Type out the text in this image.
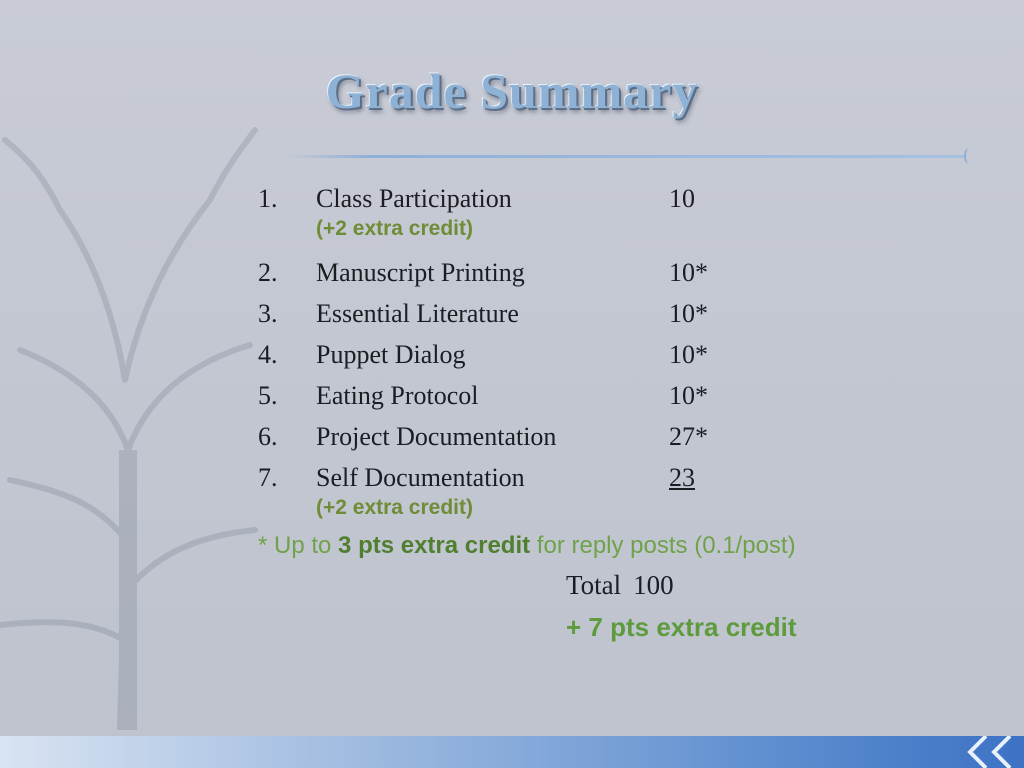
Grade Summary
1. Class Participation	10
(+2 extra credit)
2. Manuscript Printing	10*
3. Essential Literature	10*
4. Puppet Dialog	10*
5. Eating Protocol	10*
6. Project Documentation	27*
7. Self Documentation	23
(+2 extra credit)
* Up to 3 pts extra credit for reply posts (0.1/post)
Total 100
+ 7 pts extra credit
